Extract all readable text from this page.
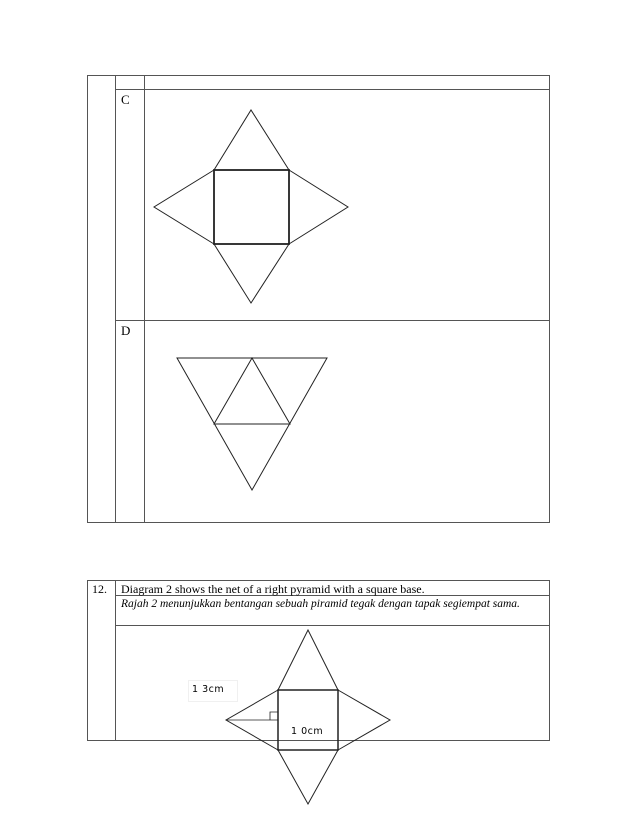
C
D
12. Diagram 2 shows the net of a right pyramid with a square base.
Rajah 2 menunjukkan bentangan sebuah piramid tegak dengan tapak segiempat sama.
1 3cm
1 0cm
